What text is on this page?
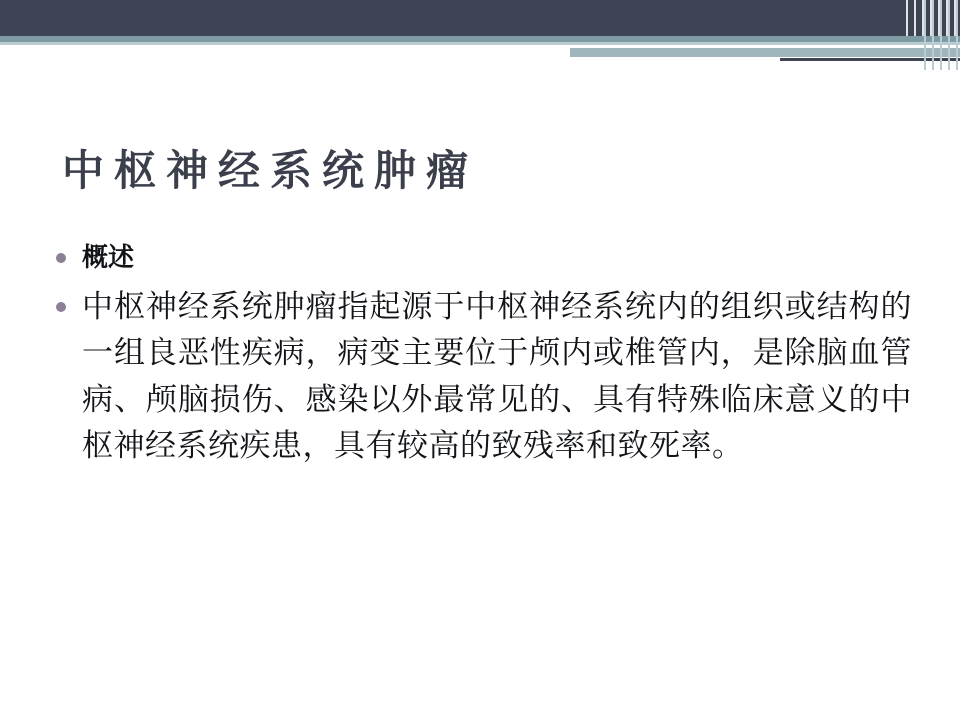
中枢神经系统肿瘤
概述
中枢神经系统肿瘤指起源于中枢神经系统内的组织或结构的一组良恶性疾病，病变主要位于颅内或椎管内，是除脑血管病、颅脑损伤、感染以外最常见的、具有特殊临床意义的中枢神经系统疾患，具有较高的致残率和致死率。
